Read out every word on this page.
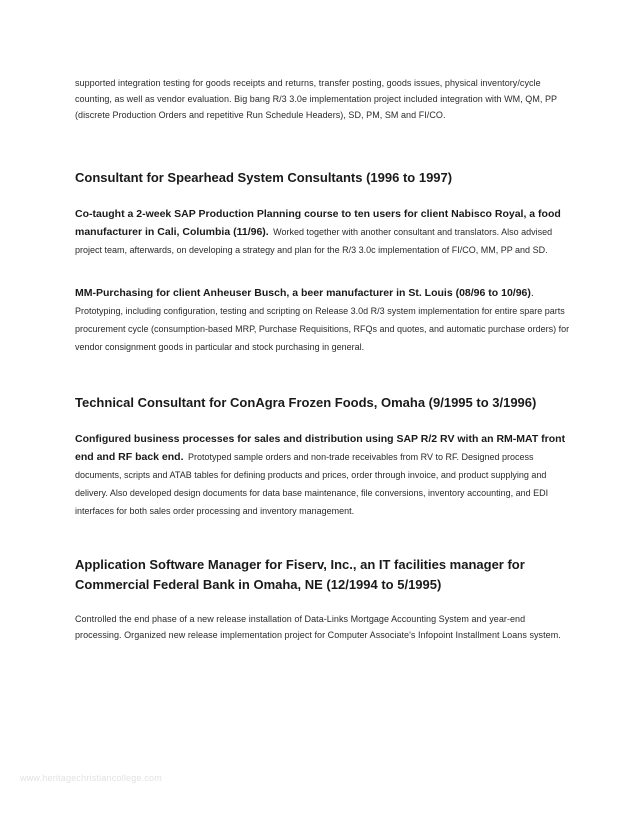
supported integration testing for goods receipts and returns, transfer posting, goods issues, physical inventory/cycle counting, as well as vendor evaluation. Big bang R/3 3.0e implementation project included integration with WM, QM, PP (discrete Production Orders and repetitive Run Schedule Headers), SD, PM, SM and FI/CO.

Consultant for Spearhead System Consultants (1996 to 1997)

Co-taught a 2-week SAP Production Planning course to ten users for client Nabisco Royal, a food manufacturer in Cali, Columbia (11/96). Worked together with another consultant and translators. Also advised project team, afterwards, on developing a strategy and plan for the R/3 3.0c implementation of FI/CO, MM, PP and SD.

MM-Purchasing for client Anheuser Busch, a beer manufacturer in St. Louis (08/96 to 10/96). Prototyping, including configuration, testing and scripting on Release 3.0d R/3 system implementation for entire spare parts procurement cycle (consumption-based MRP, Purchase Requisitions, RFQs and quotes, and automatic purchase orders) for vendor consignment goods in particular and stock purchasing in general.

Technical Consultant for ConAgra Frozen Foods, Omaha (9/1995 to 3/1996)

Configured business processes for sales and distribution using SAP R/2 RV with an RM-MAT front end and RF back end. Prototyped sample orders and non-trade receivables from RV to RF. Designed process documents, scripts and ATAB tables for defining products and prices, order through invoice, and product supplying and delivery. Also developed design documents for data base maintenance, file conversions, inventory accounting, and EDI interfaces for both sales order processing and inventory management.

Application Software Manager for Fiserv, Inc., an IT facilities manager for Commercial Federal Bank in Omaha, NE (12/1994 to 5/1995)

Controlled the end phase of a new release installation of Data-Links Mortgage Accounting System and year-end processing. Organized new release implementation project for Computer Associate's Infopoint Installment Loans system.

www.heritagechristiancollege.com
